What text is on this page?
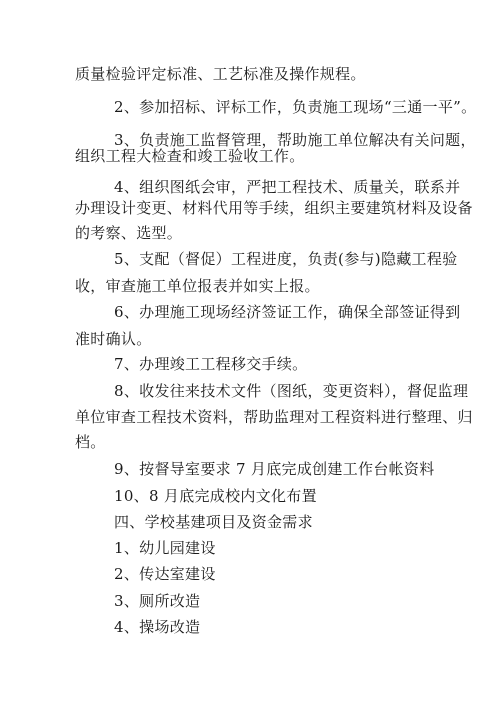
质量检验评定标准、工艺标准及操作规程。
2、参加招标、评标工作，负责施工现场“三通一平”。
3、负责施工监督管理，帮助施工单位解决有关问题，
组织工程大检查和竣工验收工作。
4、组织图纸会审，严把工程技术、质量关，联系并
办理设计变更、材料代用等手续，组织主要建筑材料及设备
的考察、选型。
5、支配（督促）工程进度，负责(参与)隐藏工程验
收，审查施工单位报表并如实上报。
6、办理施工现场经济签证工作，确保全部签证得到
准时确认。
7、办理竣工工程移交手续。
8、收发往来技术文件（图纸，变更资料），督促监理
单位审查工程技术资料，帮助监理对工程资料进行整理、归
档。
9、按督导室要求 7 月底完成创建工作台帐资料
10、8 月底完成校内文化布置
四、学校基建项目及资金需求
1、幼儿园建设
2、传达室建设
3、厕所改造
4、操场改造
